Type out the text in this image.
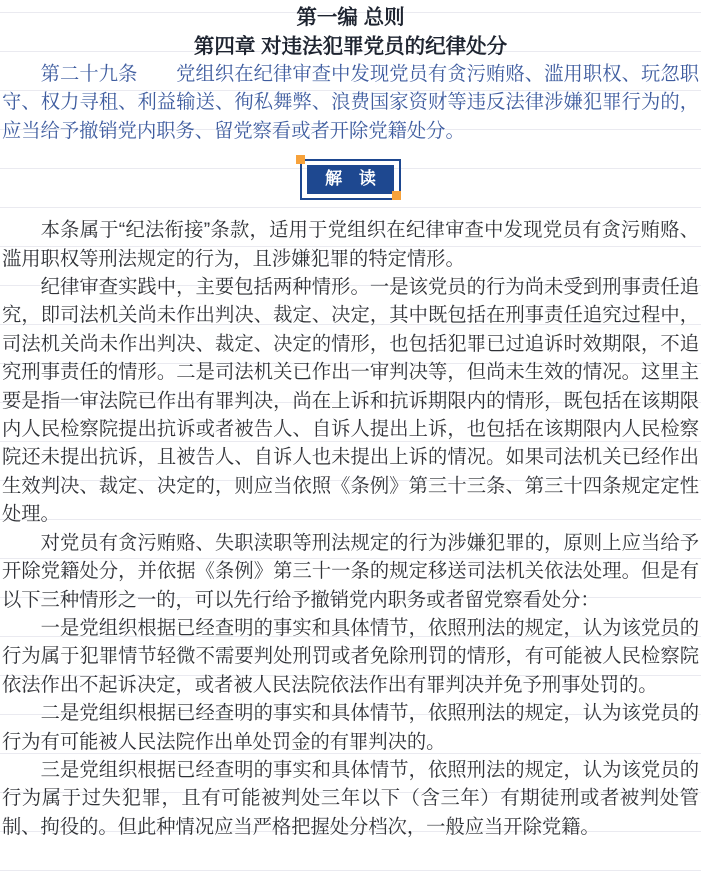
第一编 总则
第四章 对违法犯罪党员的纪律处分

第二十九条 党组织在纪律审查中发现党员有贪污贿赂、滥用职权、玩忽职守、权力寻租、利益输送、徇私舞弊、浪费国家资财等违反法律涉嫌犯罪行为的，应当给予撤销党内职务、留党察看或者开除党籍处分。

解 读

本条属于“纪法衔接”条款，适用于党组织在纪律审查中发现党员有贪污贿赂、滥用职权等刑法规定的行为，且涉嫌犯罪的特定情形。

纪律审查实践中，主要包括两种情形。一是该党员的行为尚未受到刑事责任追究，即司法机关尚未作出判决、裁定、决定，其中既包括在刑事责任追究过程中，司法机关尚未作出判决、裁定、决定的情形，也包括犯罪已过追诉时效期限，不追究刑事责任的情形。二是司法机关已作出一审判决等，但尚未生效的情况。这里主要是指一审法院已作出有罪判决，尚在上诉和抗诉期限内的情形，既包括在该期限内人民检察院提出抗诉或者被告人、自诉人提出上诉，也包括在该期限内人民检察院还未提出抗诉，且被告人、自诉人也未提出上诉的情况。如果司法机关已经作出生效判决、裁定、决定的，则应当依照《条例》第三十三条、第三十四条规定定性处理。

对党员有贪污贿赂、失职渎职等刑法规定的行为涉嫌犯罪的，原则上应当给予开除党籍处分，并依据《条例》第三十一条的规定移送司法机关依法处理。但是有以下三种情形之一的，可以先行给予撤销党内职务或者留党察看处分：

一是党组织根据已经查明的事实和具体情节，依照刑法的规定，认为该党员的行为属于犯罪情节轻微不需要判处刑罚或者免除刑罚的情形，有可能被人民检察院依法作出不起诉决定，或者被人民法院依法作出有罪判决并免予刑事处罚的。

二是党组织根据已经查明的事实和具体情节，依照刑法的规定，认为该党员的行为有可能被人民法院作出单处罚金的有罪判决的。

三是党组织根据已经查明的事实和具体情节，依照刑法的规定，认为该党员的行为属于过失犯罪，且有可能被判处三年以下（含三年）有期徒刑或者被判处管制、拘役的。但此种情况应当严格把握处分档次，一般应当开除党籍。
